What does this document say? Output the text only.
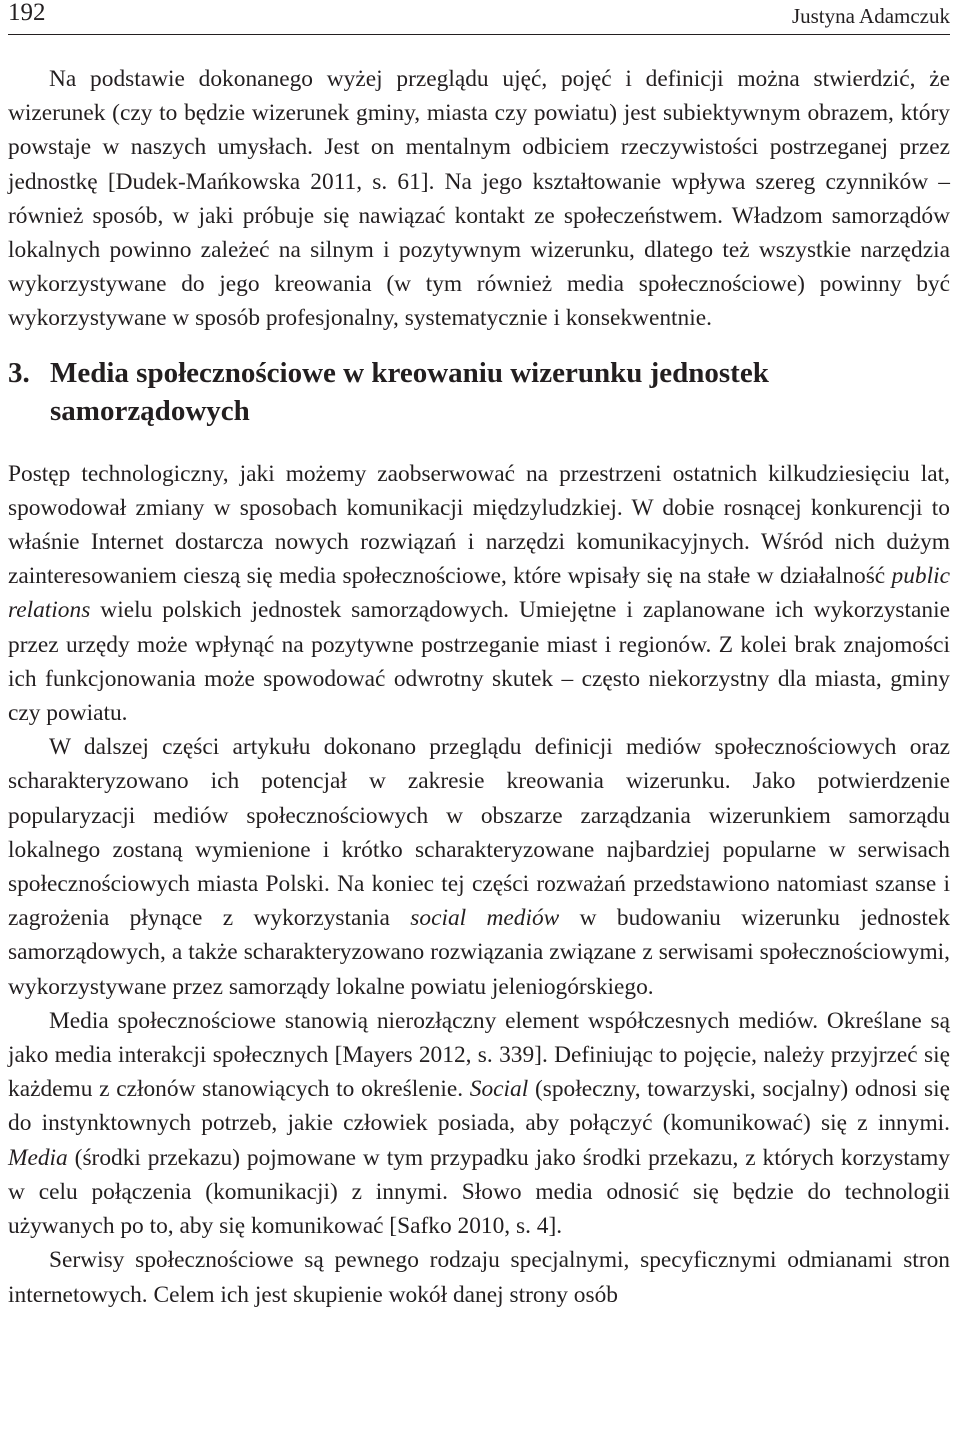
192	Justyna Adamczuk

Na podstawie dokonanego wyżej przeglądu ujęć, pojęć i definicji można stwierdzić, że wizerunek (czy to będzie wizerunek gminy, miasta czy powiatu) jest subiektywnym obrazem, który powstaje w naszych umysłach. Jest on mentalnym odbiciem rzeczywistości postrzeganej przez jednostkę [Dudek-Mańkowska 2011, s. 61]. Na jego kształtowanie wpływa szereg czynników – również sposób, w jaki próbuje się nawiązać kontakt ze społeczeństwem. Władzom samorządów lokalnych powinno zależeć na silnym i pozytywnym wizerunku, dlatego też wszystkie narzędzia wykorzystywane do jego kreowania (w tym również media społecznościowe) powinny być wykorzystywane w sposób profesjonalny, systematycznie i konsekwentnie.

3. Media społecznościowe w kreowaniu wizerunku jednostek samorządowych

Postęp technologiczny, jaki możemy zaobserwować na przestrzeni ostatnich kilkudziesięciu lat, spowodował zmiany w sposobach komunikacji międzyludzkiej. W dobie rosnącej konkurencji to właśnie Internet dostarcza nowych rozwiązań i narzędzi komunikacyjnych. Wśród nich dużym zainteresowaniem cieszą się media społecznościowe, które wpisały się na stałe w działalność public relations wielu polskich jednostek samorządowych. Umiejętne i zaplanowane ich wykorzystanie przez urzędy może wpłynąć na pozytywne postrzeganie miast i regionów. Z kolei brak znajomości ich funkcjonowania może spowodować odwrotny skutek – często niekorzystny dla miasta, gminy czy powiatu.

W dalszej części artykułu dokonano przeglądu definicji mediów społecznościowych oraz scharakteryzowano ich potencjał w zakresie kreowania wizerunku. Jako potwierdzenie popularyzacji mediów społecznościowych w obszarze zarządzania wizerunkiem samorządu lokalnego zostaną wymienione i krótko scharakteryzowane najbardziej popularne w serwisach społecznościowych miasta Polski. Na koniec tej części rozważań przedstawiono natomiast szanse i zagrożenia płynące z wykorzystania social mediów w budowaniu wizerunku jednostek samorządowych, a także scharakteryzowano rozwiązania związane z serwisami społecznościowymi, wykorzystywane przez samorządy lokalne powiatu jeleniogórskiego.

Media społecznościowe stanowią nierozłączny element współczesnych mediów. Określane są jako media interakcji społecznych [Mayers 2012, s. 339]. Definiując to pojęcie, należy przyjrzeć się każdemu z członów stanowiących to określenie. Social (społeczny, towarzyski, socjalny) odnosi się do instynktownych potrzeb, jakie człowiek posiada, aby połączyć (komunikować) się z innymi. Media (środki przekazu) pojmowane w tym przypadku jako środki przekazu, z których korzystamy w celu połączenia (komunikacji) z innymi. Słowo media odnosić się będzie do technologii używanych po to, aby się komunikować [Safko 2010, s. 4].

Serwisy społecznościowe są pewnego rodzaju specjalnymi, specyficznymi odmianami stron internetowych. Celem ich jest skupienie wokół danej strony osób
